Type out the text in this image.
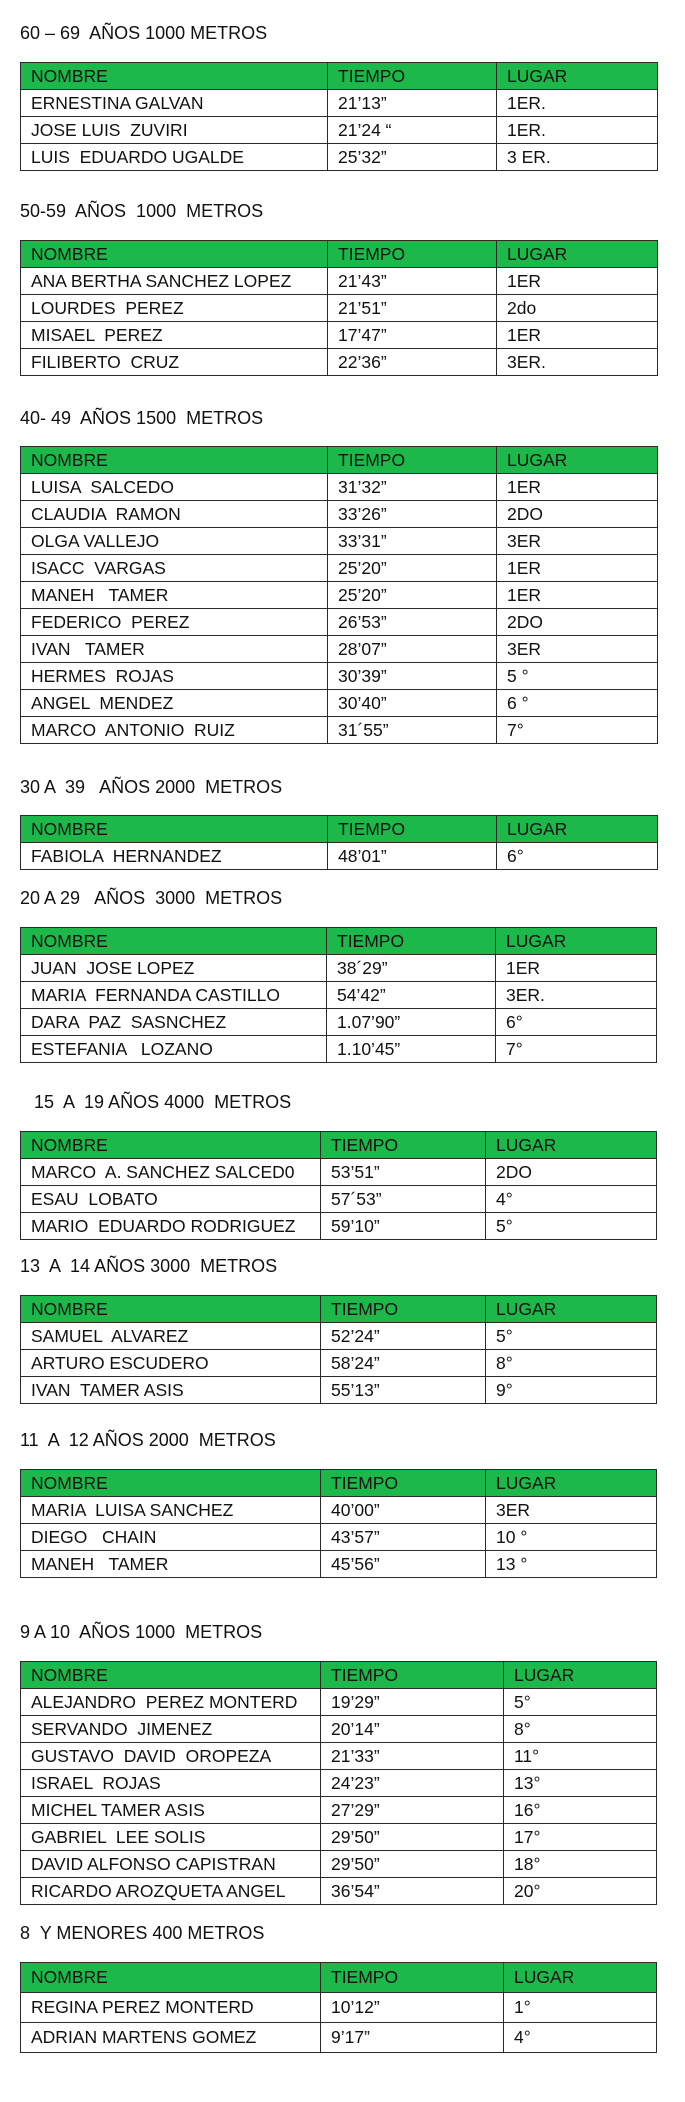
60 – 69  AÑOS 1000 METROS
NOMBRE	TIEMPO	LUGAR
ERNESTINA GALVAN	21’13”	1ER.
JOSE LUIS  ZUVIRI	21’24 “	1ER.
LUIS  EDUARDO UGALDE	25’32”	3 ER.
50-59  AÑOS  1000  METROS
NOMBRE	TIEMPO	LUGAR
ANA BERTHA SANCHEZ LOPEZ	21’43”	1ER
LOURDES  PEREZ	21’51”	2do
MISAEL  PEREZ	17’47”	1ER
FILIBERTO  CRUZ	22’36”	3ER.
40- 49  AÑOS 1500  METROS
NOMBRE	TIEMPO	LUGAR
LUISA  SALCEDO	31’32”	1ER
CLAUDIA  RAMON	33’26”	2DO
OLGA VALLEJO	33’31”	3ER
ISACC  VARGAS	25’20”	1ER
MANEH   TAMER	25’20”	1ER
FEDERICO  PEREZ	26’53”	2DO
IVAN   TAMER	28’07”	3ER
HERMES  ROJAS	30’39”	5 °
ANGEL  MENDEZ	30’40”	6 °
MARCO  ANTONIO  RUIZ	31´55”	7°
30 A  39   AÑOS 2000  METROS
NOMBRE	TIEMPO	LUGAR
FABIOLA  HERNANDEZ	48’01”	6°
20 A 29   AÑOS  3000  METROS
NOMBRE	TIEMPO	LUGAR
JUAN  JOSE LOPEZ	38´29”	1ER
MARIA  FERNANDA CASTILLO	54’42”	3ER.
DARA  PAZ  SASNCHEZ	1.07’90”	6°
ESTEFANIA   LOZANO	1.10’45”	7°
15  A  19 AÑOS 4000  METROS
NOMBRE	TIEMPO	LUGAR
MARCO  A. SANCHEZ SALCED0	53’51”	2DO
ESAU  LOBATO	57´53”	4°
MARIO  EDUARDO RODRIGUEZ	59’10”	5°
13  A  14 AÑOS 3000  METROS
NOMBRE	TIEMPO	LUGAR
SAMUEL  ALVAREZ	52’24”	5°
ARTURO ESCUDERO	58’24”	8°
IVAN  TAMER ASIS	55’13”	9°
11  A  12 AÑOS 2000  METROS
NOMBRE	TIEMPO	LUGAR
MARIA  LUISA SANCHEZ	40’00”	3ER
DIEGO   CHAIN	43’57”	10 °
MANEH   TAMER	45’56”	13 °
9 A 10  AÑOS 1000  METROS
NOMBRE	TIEMPO	LUGAR
ALEJANDRO  PEREZ MONTERD	19’29”	5°
SERVANDO  JIMENEZ	20’14”	8°
GUSTAVO  DAVID  OROPEZA	21’33”	11°
ISRAEL  ROJAS	24’23”	13°
MICHEL TAMER ASIS	27’29”	16°
GABRIEL  LEE SOLIS	29’50”	17°
DAVID ALFONSO CAPISTRAN	29’50”	18°
RICARDO AROZQUETA ANGEL	36’54”	20°
8  Y MENORES 400 METROS
NOMBRE	TIEMPO	LUGAR
REGINA PEREZ MONTERD	10’12”	1°
ADRIAN MARTENS GOMEZ	9’17”	4°
